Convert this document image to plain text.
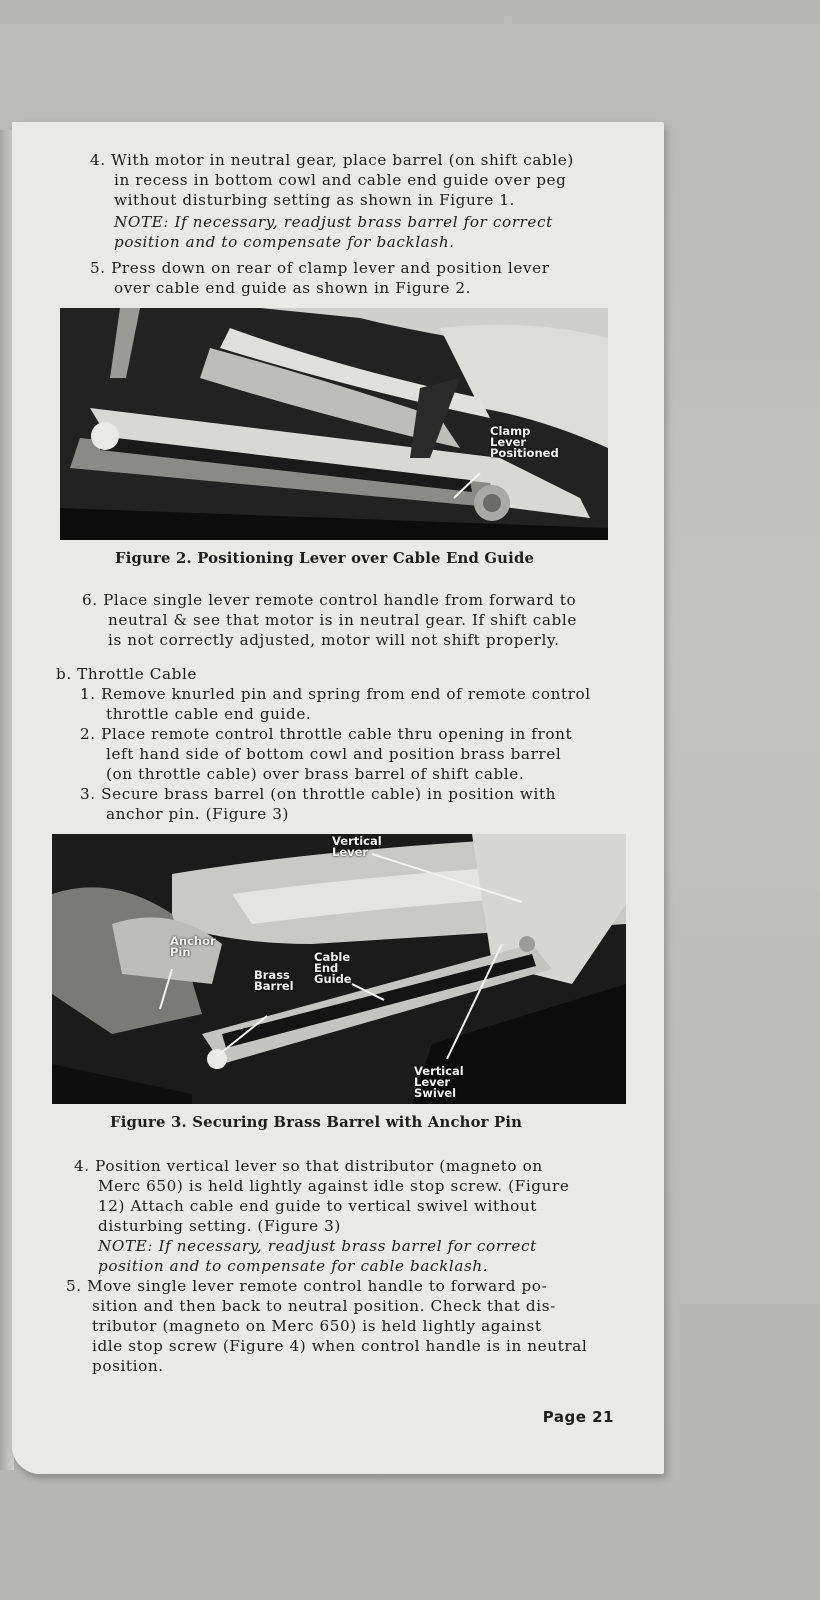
4. With motor in neutral gear, place barrel (on shift cable)
in recess in bottom cowl and cable end guide over peg
without disturbing setting as shown in Figure 1.
NOTE: If necessary, readjust brass barrel for correct
position and to compensate for backlash.
5. Press down on rear of clamp lever and position lever
over cable end guide as shown in Figure 2.
Clamp
Lever
Positioned
Figure 2. Positioning Lever over Cable End Guide
6. Place single lever remote control handle from forward to
neutral & see that motor is in neutral gear. If shift cable
is not correctly adjusted, motor will not shift properly.
b. Throttle Cable
1. Remove knurled pin and spring from end of remote control
throttle cable end guide.
2. Place remote control throttle cable thru opening in front
left hand side of bottom cowl and position brass barrel
(on throttle cable) over brass barrel of shift cable.
3. Secure brass barrel (on throttle cable) in position with
anchor pin. (Figure 3)
Vertical
Lever
Anchor
Pin
Brass
Barrel
Cable
End
Guide
Vertical
Lever
Swivel
Figure 3. Securing Brass Barrel with Anchor Pin
4. Position vertical lever so that distributor (magneto on
Merc 650) is held lightly against idle stop screw. (Figure
12) Attach cable end guide to vertical swivel without
disturbing setting. (Figure 3)
NOTE: If necessary, readjust brass barrel for correct
position and to compensate for cable backlash.
5. Move single lever remote control handle to forward po-
sition and then back to neutral position. Check that dis-
tributor (magneto on Merc 650) is held lightly against
idle stop screw (Figure 4) when control handle is in neutral
position.
Page 21
